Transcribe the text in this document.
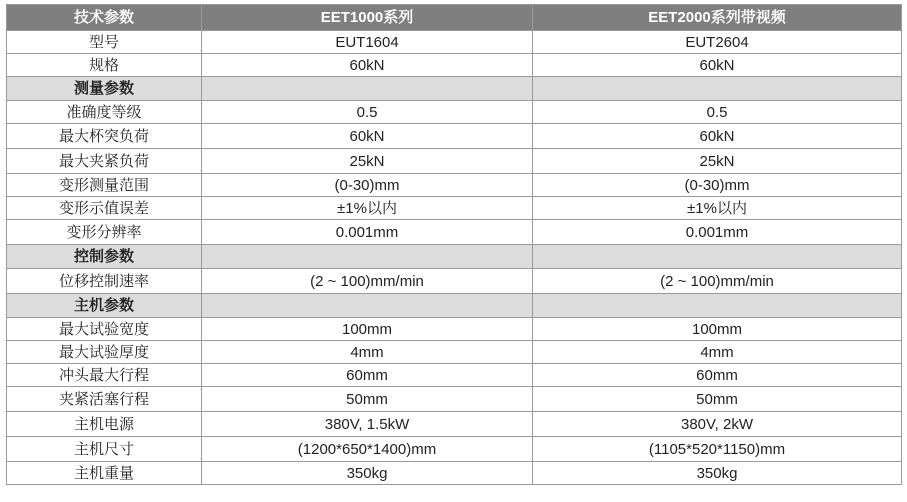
技术参数	EET1000系列	EET2000系列带视频
型号	EUT1604	EUT2604
规格	60kN	60kN
测量参数		
准确度等级	0.5	0.5
最大杯突负荷	60kN	60kN
最大夹紧负荷	25kN	25kN
变形测量范围	(0-30)mm	(0-30)mm
变形示值误差	±1%以内	±1%以内
变形分辨率	0.001mm	0.001mm
控制参数		
位移控制速率	(2 ~ 100)mm/min	(2 ~ 100)mm/min
主机参数		
最大试验宽度	100mm	100mm
最大试验厚度	4mm	4mm
冲头最大行程	60mm	60mm
夹紧活塞行程	50mm	50mm
主机电源	380V, 1.5kW	380V, 2kW
主机尺寸	(1200*650*1400)mm	(1105*520*1150)mm
主机重量	350kg	350kg
